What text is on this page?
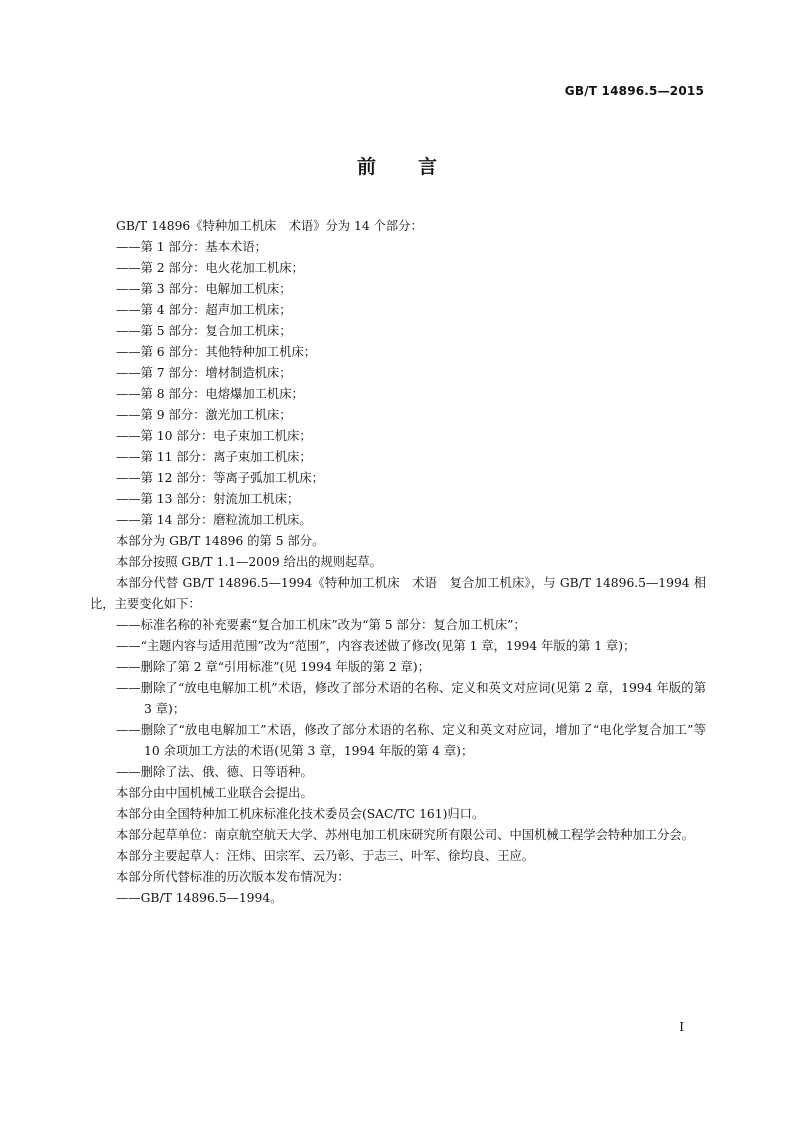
GB/T 14896.5—2015
前言

GB/T 14896《特种加工机床　术语》分为 14 个部分：

——第 1 部分：基本术语；

——第 2 部分：电火花加工机床；

——第 3 部分：电解加工机床；

——第 4 部分：超声加工机床；

——第 5 部分：复合加工机床；

——第 6 部分：其他特种加工机床；

——第 7 部分：增材制造机床；

——第 8 部分：电熔爆加工机床；

——第 9 部分：激光加工机床；

——第 10 部分：电子束加工机床；

——第 11 部分：离子束加工机床；

——第 12 部分：等离子弧加工机床；

——第 13 部分：射流加工机床；

——第 14 部分：磨粒流加工机床。

本部分为 GB/T 14896 的第 5 部分。

本部分按照 GB/T 1.1—2009 给出的规则起草。

本部分代替 GB/T 14896.5—1994《特种加工机床　术语　复合加工机床》，与 GB/T 14896.5—1994 相比，主要变化如下：

——标准名称的补充要素“复合加工机床”改为“第 5 部分：复合加工机床”；

——“主题内容与适用范围”改为“范围”，内容表述做了修改(见第 1 章，1994 年版的第 1 章)；

——删除了第 2 章“引用标准”(见 1994 年版的第 2 章)；

——删除了“放电电解加工机”术语，修改了部分术语的名称、定义和英文对应词(见第 2 章，1994 年版的第 3 章)；

——删除了“放电电解加工”术语，修改了部分术语的名称、定义和英文对应词，增加了“电化学复合加工”等 10 余项加工方法的术语(见第 3 章，1994 年版的第 4 章)；

——删除了法、俄、德、日等语种。

本部分由中国机械工业联合会提出。

本部分由全国特种加工机床标准化技术委员会(SAC/TC 161)归口。

本部分起草单位：南京航空航天大学、苏州电加工机床研究所有限公司、中国机械工程学会特种加工分会。

本部分主要起草人：汪炜、田宗军、云乃彰、于志三、叶军、徐均良、王应。

本部分所代替标准的历次版本发布情况为：

——GB/T 14896.5—1994。

I
